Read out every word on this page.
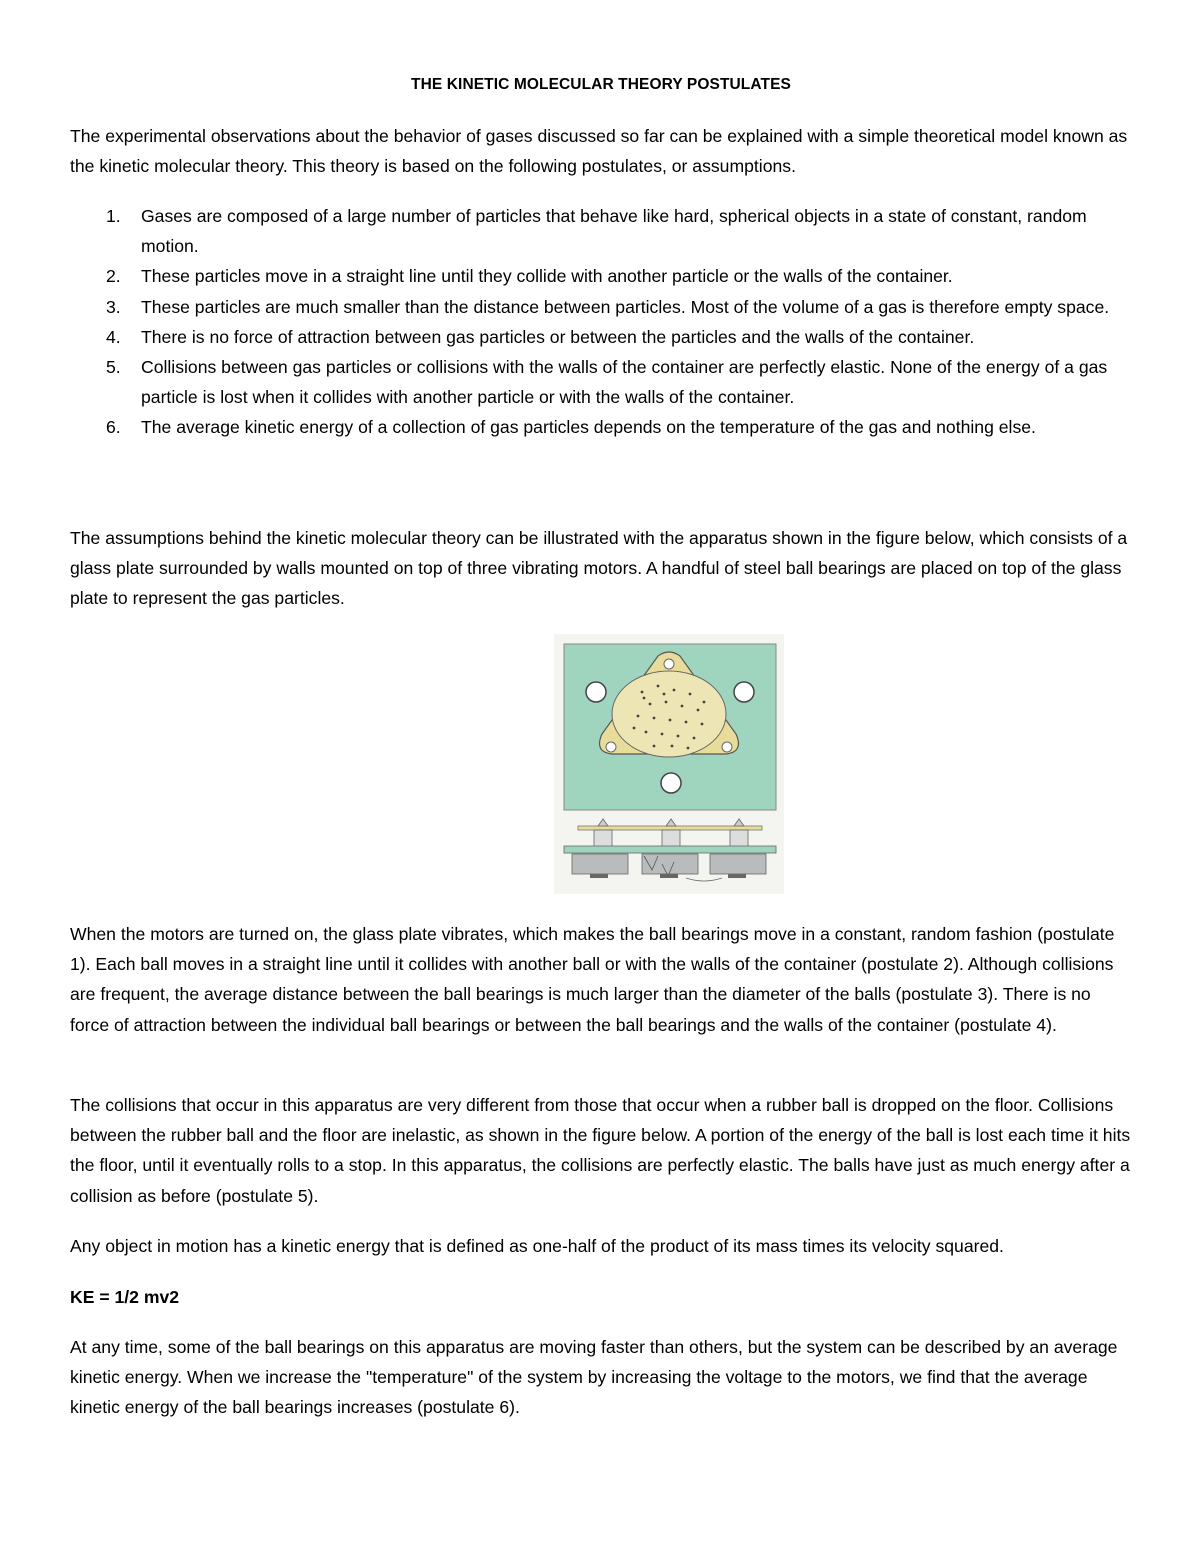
THE KINETIC MOLECULAR THEORY POSTULATES

The experimental observations about the behavior of gases discussed so far can be explained with a simple theoretical model known as the kinetic molecular theory. This theory is based on the following postulates, or assumptions.

1. Gases are composed of a large number of particles that behave like hard, spherical objects in a state of constant, random motion.
2. These particles move in a straight line until they collide with another particle or the walls of the container.
3. These particles are much smaller than the distance between particles. Most of the volume of a gas is therefore empty space.
4. There is no force of attraction between gas particles or between the particles and the walls of the container.
5. Collisions between gas particles or collisions with the walls of the container are perfectly elastic. None of the energy of a gas particle is lost when it collides with another particle or with the walls of the container.
6. The average kinetic energy of a collection of gas particles depends on the temperature of the gas and nothing else.

The assumptions behind the kinetic molecular theory can be illustrated with the apparatus shown in the figure below, which consists of a glass plate surrounded by walls mounted on top of three vibrating motors. A handful of steel ball bearings are placed on top of the glass plate to represent the gas particles.

When the motors are turned on, the glass plate vibrates, which makes the ball bearings move in a constant, random fashion (postulate 1). Each ball moves in a straight line until it collides with another ball or with the walls of the container (postulate 2). Although collisions are frequent, the average distance between the ball bearings is much larger than the diameter of the balls (postulate 3). There is no force of attraction between the individual ball bearings or between the ball bearings and the walls of the container (postulate 4).

The collisions that occur in this apparatus are very different from those that occur when a rubber ball is dropped on the floor. Collisions between the rubber ball and the floor are inelastic, as shown in the figure below. A portion of the energy of the ball is lost each time it hits the floor, until it eventually rolls to a stop. In this apparatus, the collisions are perfectly elastic. The balls have just as much energy after a collision as before (postulate 5).

Any object in motion has a kinetic energy that is defined as one-half of the product of its mass times its velocity squared.

KE = 1/2 mv2

At any time, some of the ball bearings on this apparatus are moving faster than others, but the system can be described by an average kinetic energy. When we increase the "temperature" of the system by increasing the voltage to the motors, we find that the average kinetic energy of the ball bearings increases (postulate 6).
